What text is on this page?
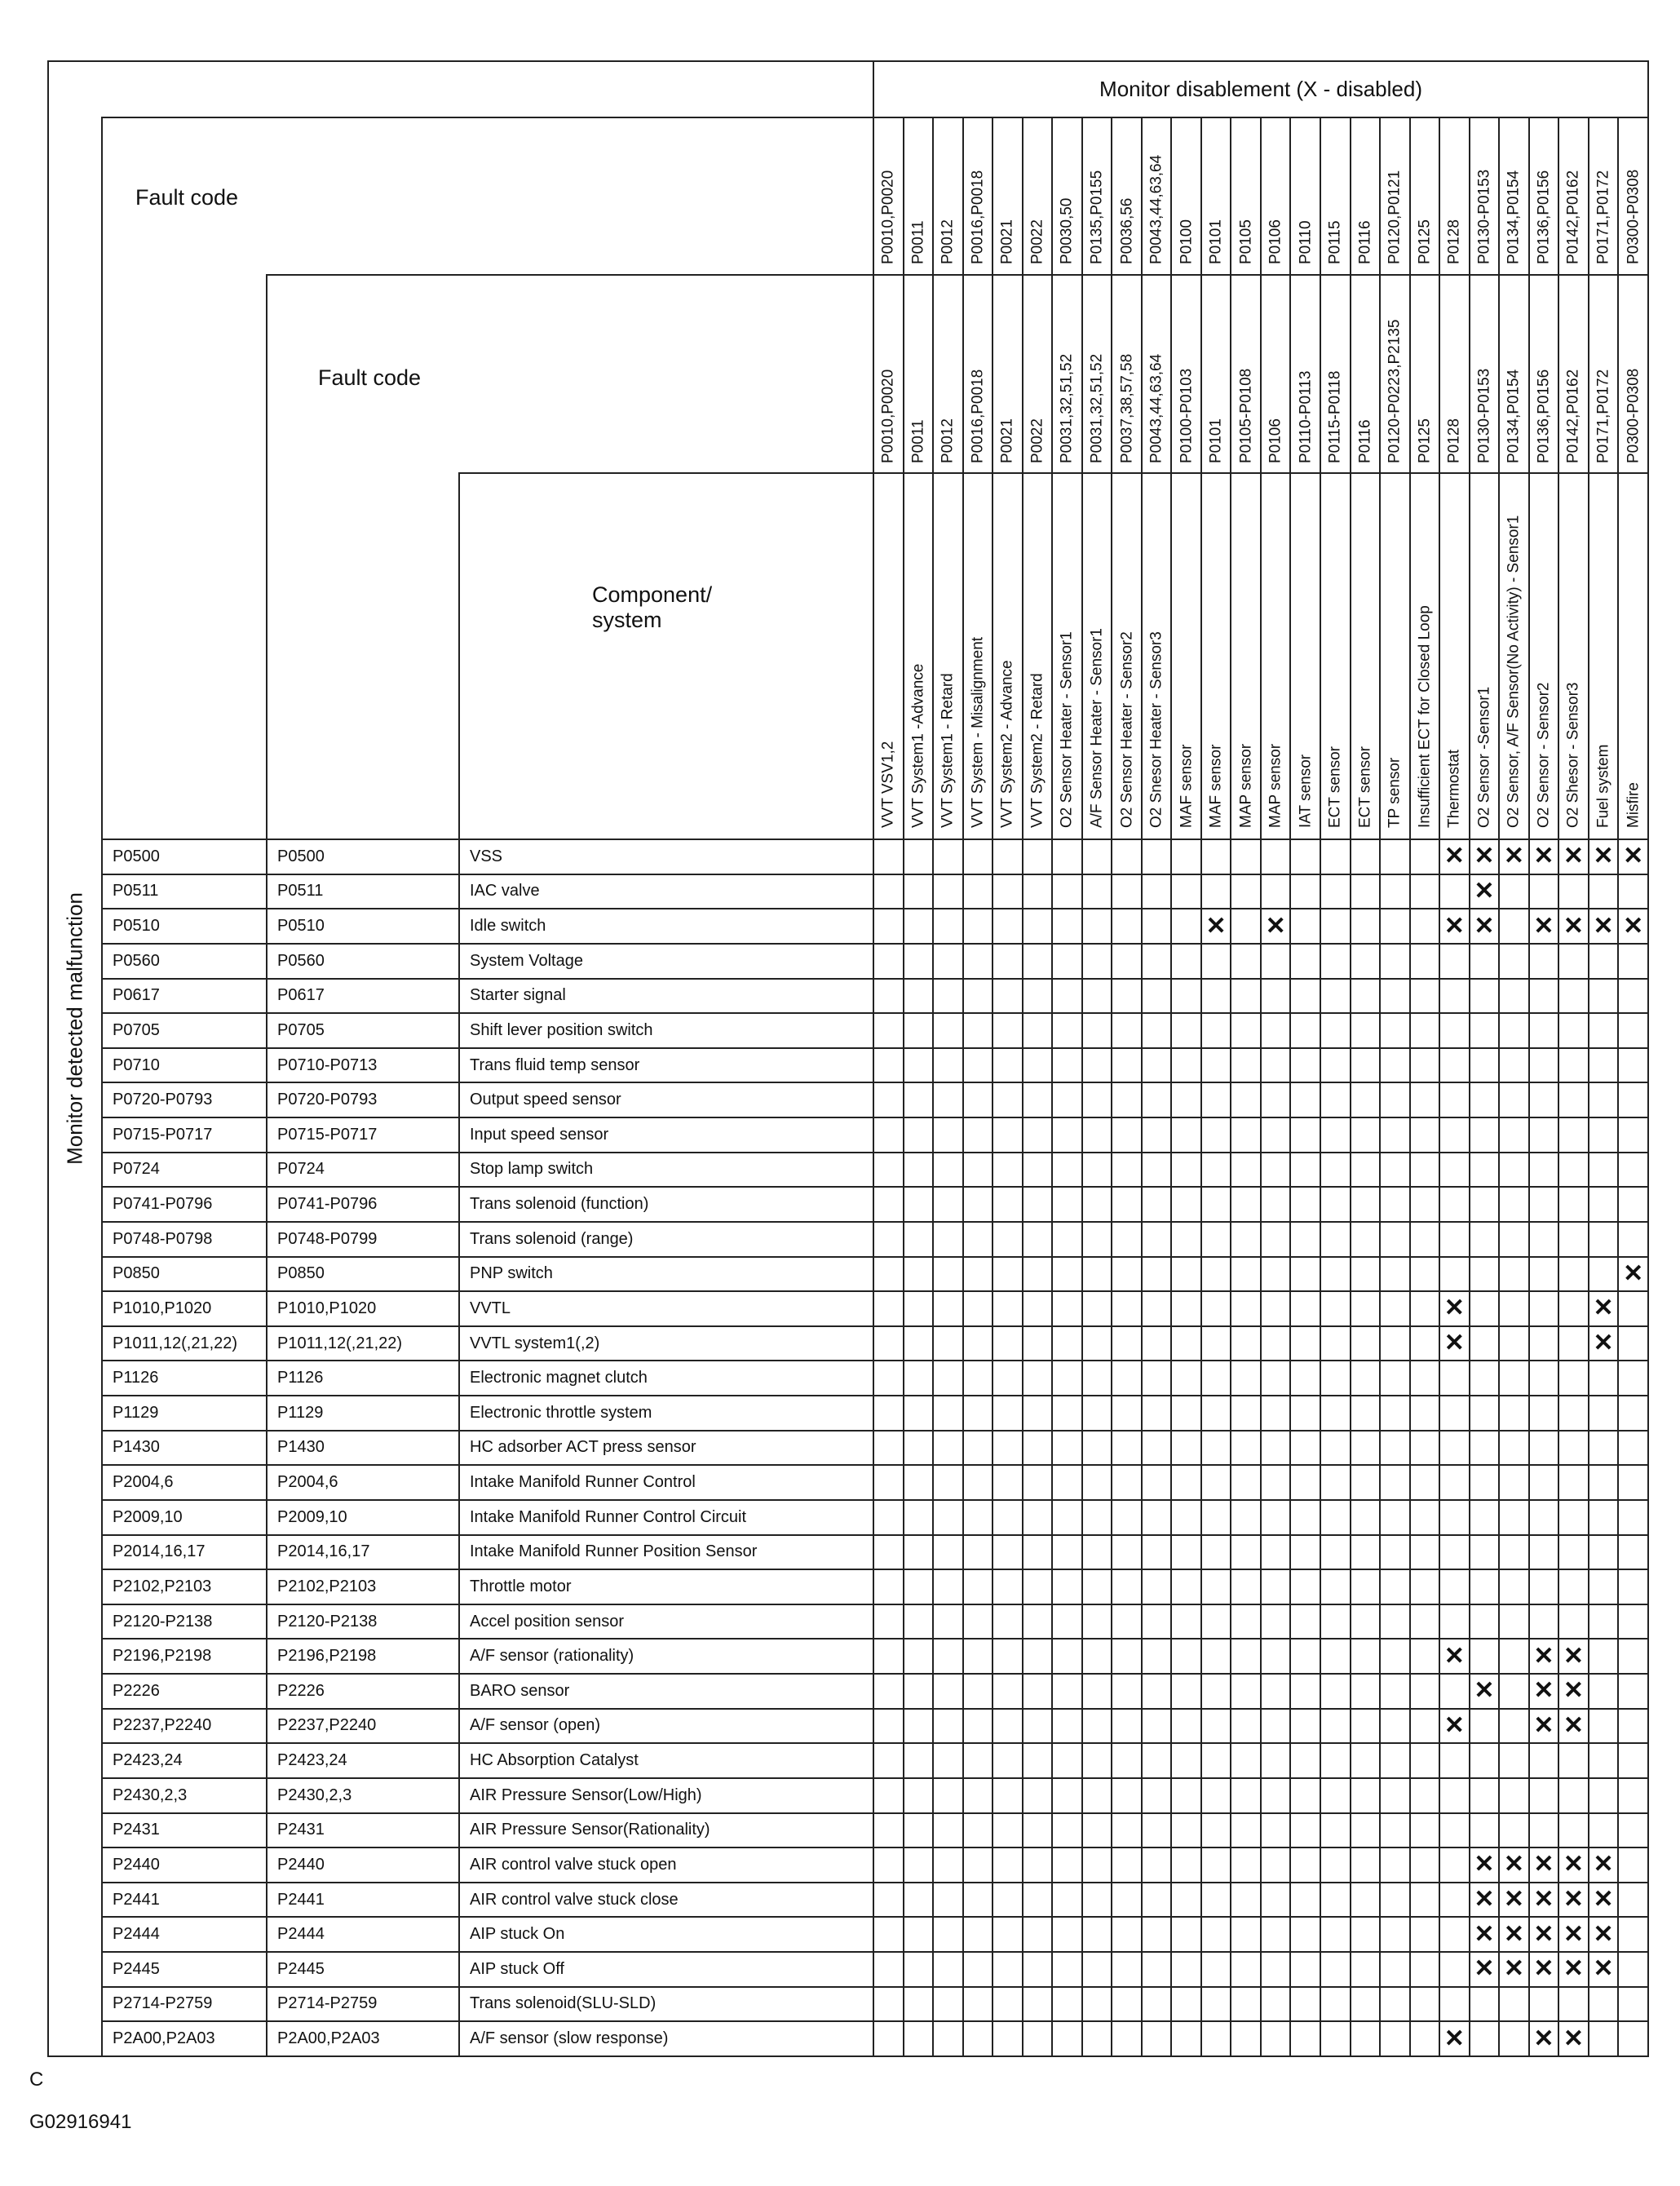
				Monitor disablement (X - disabled)																									

Monitor detected malfunction	Fault code			P0010,P0020	P0011	P0012	P0016,P0018	P0021	P0022	P0030,50	P0135,P0155	P0036,56	P0043,44,63,64	P0100	P0101	P0105	P0106	P0110	P0115	P0116	P0120,P0121	P0125	P0128	P0130-P0153	P0134,P0154	P0136,P0156	P0142,P0162	P0171,P0172	P0300-P0308

		Fault code		P0010,P0020	P0011	P0012	P0016,P0018	P0021	P0022	P0031,32,51,52	P0031,32,51,52	P0037,38,57,58	P0043,44,63,64	P0100-P0103	P0101	P0105-P0108	P0106	P0110-P0113	P0115-P0118	P0116	P0120-P0223,P2135	P0125	P0128	P0130-P0153	P0134,P0154	P0136,P0156	P0142,P0162	P0171,P0172	P0300-P0308

			Component/
system	VVT VSV1,2	VVT System1 -Advance	VVT System1 - Retard	VVT System - Misalignment	VVT System2 - Advance	VVT System2 - Retard	O2 Sensor Heater - Sensor1	A/F Sensor Heater - Sensor1	O2 Sensor Heater - Sensor2	O2 Snesor Heater - Sensor3	MAF sensor	MAF sensor	MAP sensor	MAP sensor	IAT sensor	ECT sensor	ECT sensor	TP sensor	Insufficient ECT for Closed Loop	Thermostat	O2 Sensor -Sensor1	O2 Sensor, A/F Sensor(No Activity) - Sensor1	O2 Sensor - Sensor2	O2 Shesor - Sensor3	Fuel system	Misfire

	P0500	P0500	VSS																				✕	✕	✕	✕	✕	✕	✕
	P0511	P0511	IAC valve																					✕					
	P0510	P0510	Idle switch												✕		✕						✕	✕		✕	✕	✕	✕
	P0560	P0560	System Voltage																										
	P0617	P0617	Starter signal																										
	P0705	P0705	Shift lever position switch																										
	P0710	P0710-P0713	Trans fluid temp sensor																										
	P0720-P0793	P0720-P0793	Output speed sensor																										
	P0715-P0717	P0715-P0717	Input speed sensor																										
	P0724	P0724	Stop lamp switch																										
	P0741-P0796	P0741-P0796	Trans solenoid (function)																										
	P0748-P0798	P0748-P0799	Trans solenoid (range)																										
	P0850	P0850	PNP switch																										✕
	P1010,P1020	P1010,P1020	VVTL																				✕					✕	
	P1011,12(,21,22)	P1011,12(,21,22)	VVTL system1(,2)																				✕					✕	
	P1126	P1126	Electronic magnet clutch																										
	P1129	P1129	Electronic throttle system																										
	P1430	P1430	HC adsorber ACT press sensor																										
	P2004,6	P2004,6	Intake Manifold Runner Control																										
	P2009,10	P2009,10	Intake Manifold Runner Control Circuit																										
	P2014,16,17	P2014,16,17	Intake Manifold Runner Position Sensor																										
	P2102,P2103	P2102,P2103	Throttle motor																										
	P2120-P2138	P2120-P2138	Accel position sensor																										
	P2196,P2198	P2196,P2198	A/F sensor (rationality)																				✕			✕	✕		
	P2226	P2226	BARO sensor																					✕		✕	✕		
	P2237,P2240	P2237,P2240	A/F sensor (open)																				✕			✕	✕		
	P2423,24	P2423,24	HC Absorption Catalyst																										
	P2430,2,3	P2430,2,3	AIR Pressure Sensor(Low/High)																										
	P2431	P2431	AIR Pressure Sensor(Rationality)																										
	P2440	P2440	AIR control valve stuck open																					✕	✕	✕	✕	✕	
	P2441	P2441	AIR control valve stuck close																					✕	✕	✕	✕	✕	
	P2444	P2444	AIP stuck On																					✕	✕	✕	✕	✕	
	P2445	P2445	AIP stuck Off																					✕	✕	✕	✕	✕	
	P2714-P2759	P2714-P2759	Trans solenoid(SLU-SLD)																										
	P2A00,P2A03	P2A00,P2A03	A/F sensor (slow response)																				✕			✕	✕		
C
G02916941
